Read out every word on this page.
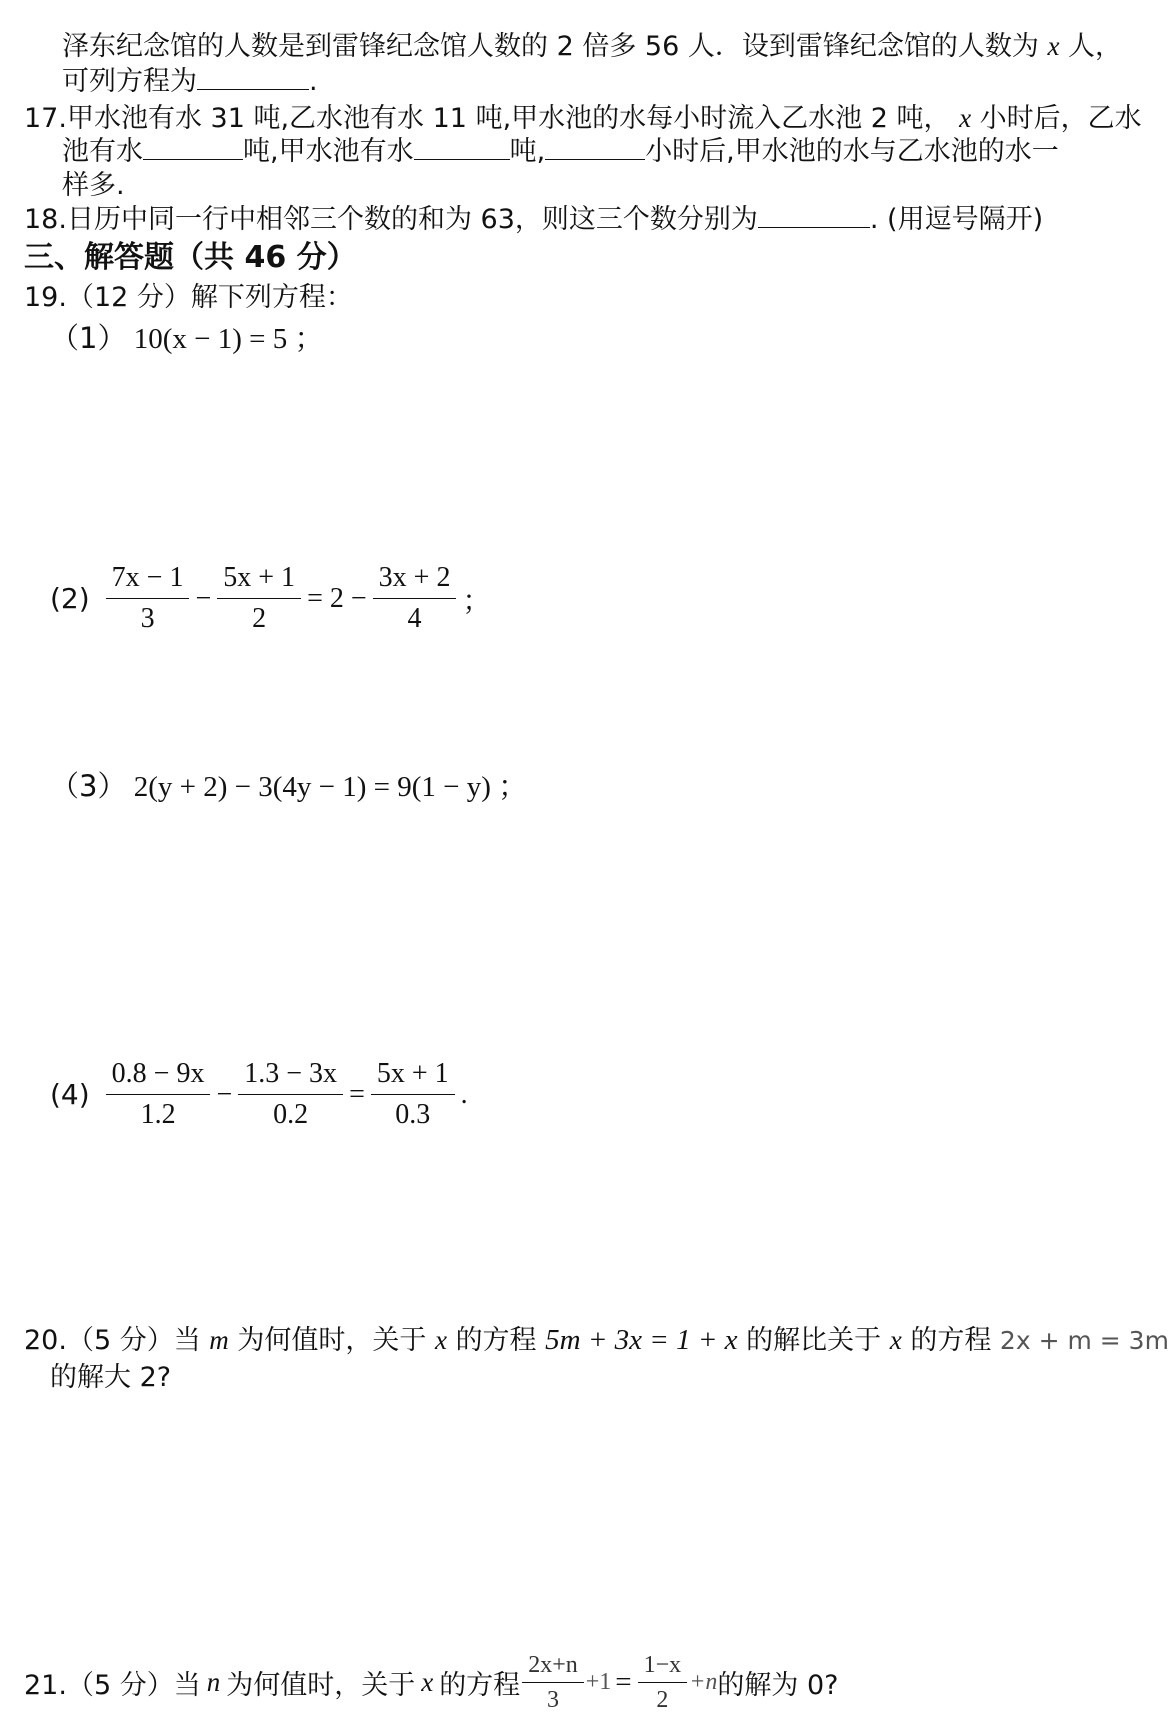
泽东纪念馆的人数是到雷锋纪念馆人数的 2 倍多 56 人．设到雷锋纪念馆的人数为 x 人，
可列方程为	.
17.甲水池有水 31 吨,乙水池有水 11 吨,甲水池的水每小时流入乙水池 2 吨， x 小时后，乙水
池有水	吨,甲水池有水	吨,	小时后,甲水池的水与乙水池的水一
样多.
18.日历中同一行中相邻三个数的和为 63，则这三个数分别为	. (用逗号隔开)
三、解答题（共 46 分）
19.（12 分）解下列方程：
（1） 10(x − 1) = 5 ；
$(2) \frac{7x - 1}{3} - \frac{5x + 1}{2} = 2 - \frac{3x + 2}{4}$ ；
（3） 2(y + 2) − 3(4y − 1) = 9(1 − y) ；
$(4) \frac{0.8 - 9x}{1.2} - \frac{1.3 - 3x}{0.2} = \frac{5x + 1}{0.3}$ .
20.（5 分）当 m 为何值时，关于 x 的方程 5m + 3x = 1 + x 的解比关于 x 的方程 2x + m = 3m
的解大 2?
21.（5 分）当 n 为何值时，关于 x 的方程 $\frac{2x+n}{3} +1 = \frac{1-x}{2} +n$ 的解为 0?
